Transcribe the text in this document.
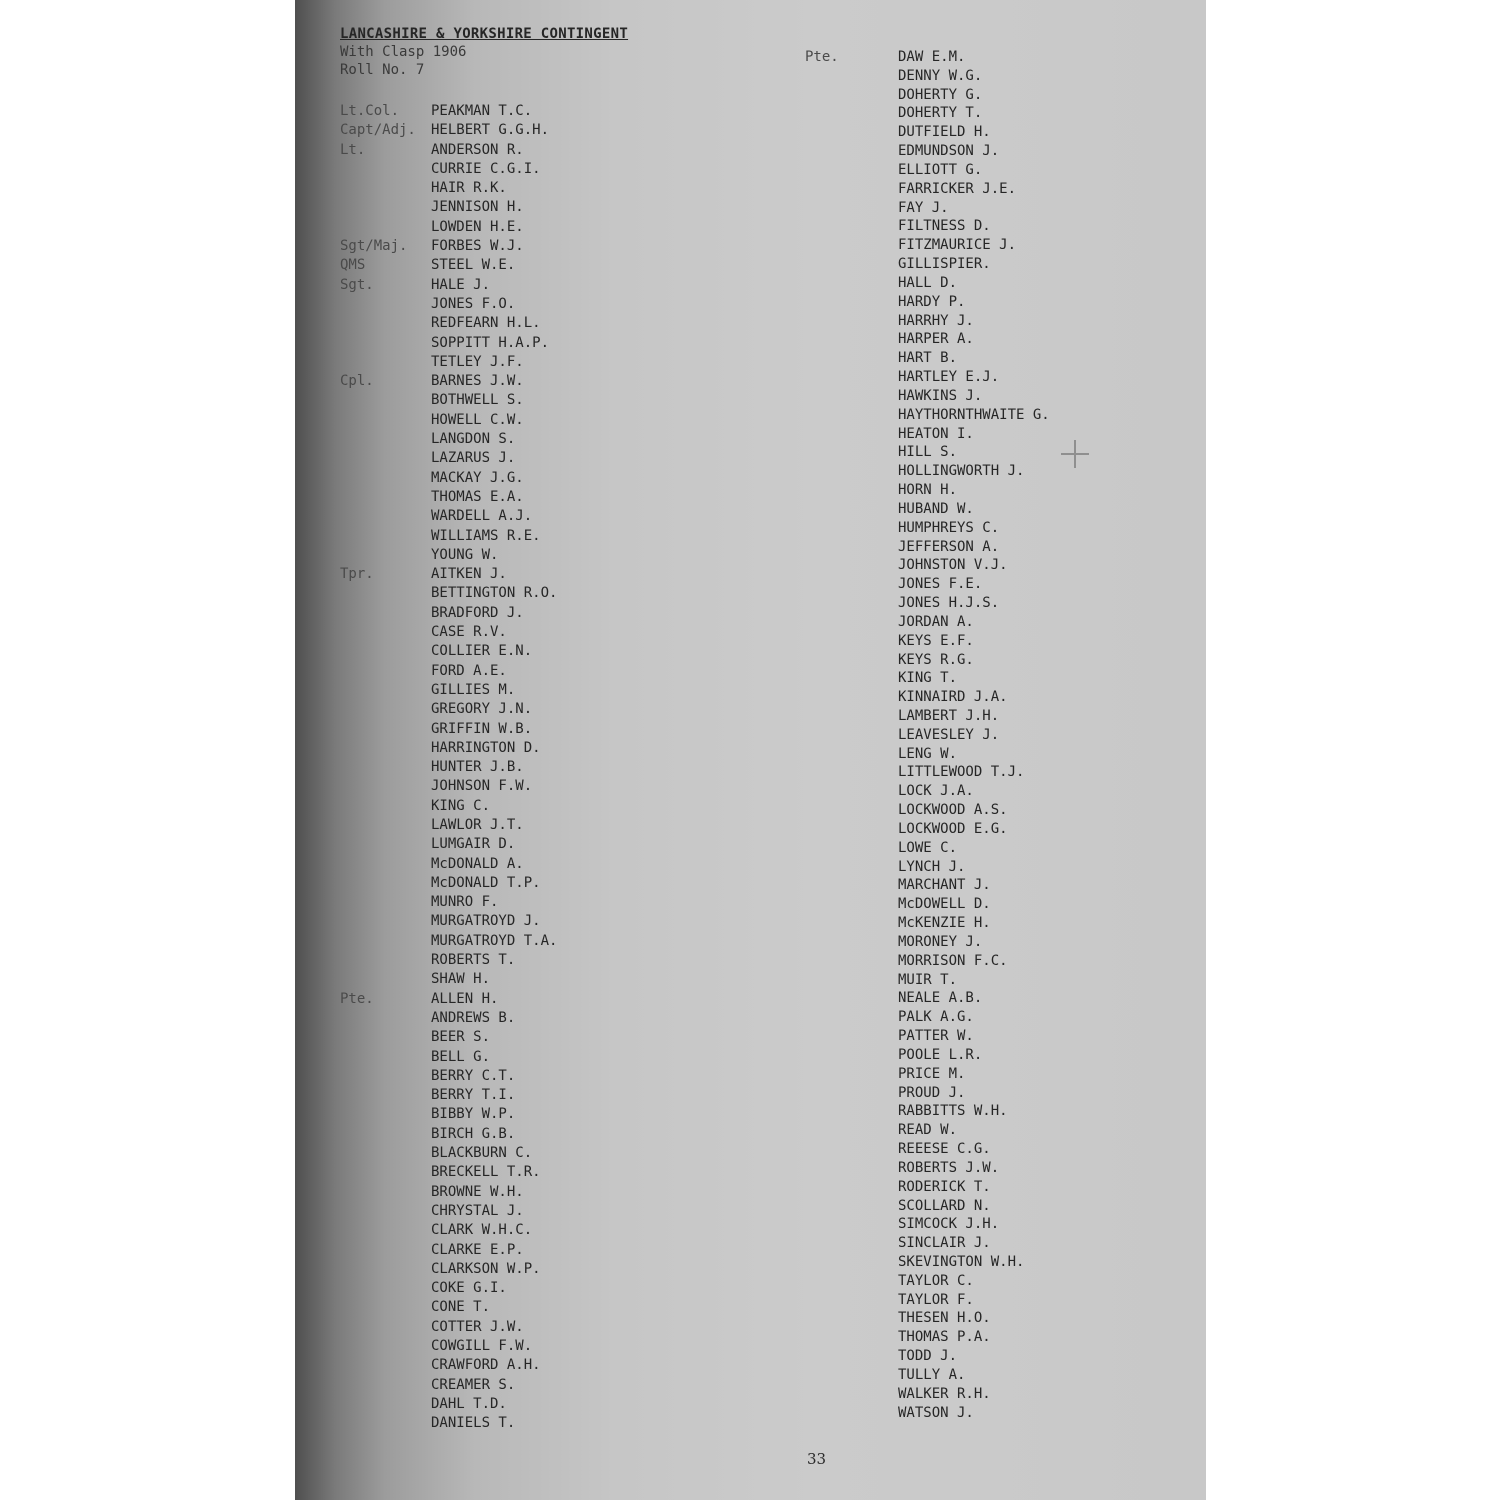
LANCASHIRE & YORKSHIRE CONTINGENT
With Clasp 1906
Roll No. 7
Lt.Col. PEAKMAN T.C.
Capt/Adj. HELBERT G.G.H.
Lt.	ANDERSON R.
CURRIE C.G.I.
HAIR R.K.
JENNISON H.
LOWDEN H.E.
Sgt/Maj. FORBES W.J.
QMS	STEEL W.E.
Sgt.	HALE J.
JONES F.O.
REDFEARN H.L.
SOPPITT H.A.P.
TETLEY J.F.
Cpl.	BARNES J.W.
BOTHWELL S.
HOWELL C.W.
LANGDON S.
LAZARUS J.
MACKAY J.G.
THOMAS E.A.
WARDELL A.J.
WILLIAMS R.E.
YOUNG W.
Tpr.	AITKEN J.
BETTINGTON R.O.
BRADFORD J.
CASE R.V.
COLLIER E.N.
FORD A.E.
GILLIES M.
GREGORY J.N.
GRIFFIN W.B.
HARRINGTON D.
HUNTER J.B.
JOHNSON F.W.
KING C.
LAWLOR J.T.
LUMGAIR D.
McDONALD A.
McDONALD T.P.
MUNRO F.
MURGATROYD J.
MURGATROYD T.A.
ROBERTS T.
SHAW H.
Pte.	ALLEN H.
ANDREWS B.
BEER S.
BELL G.
BERRY C.T.
BERRY T.I.
BIBBY W.P.
BIRCH G.B.
BLACKBURN C.
BRECKELL T.R.
BROWNE W.H.
CHRYSTAL J.
CLARK W.H.C.
CLARKE E.P.
CLARKSON W.P.
COKE G.I.
CONE T.
COTTER J.W.
COWGILL F.W.
CRAWFORD A.H.
CREAMER S.
DAHL T.D.
DANIELS T.
Pte.	DAW E.M.
DENNY W.G.
DOHERTY G.
DOHERTY T.
DUTFIELD H.
EDMUNDSON J.
ELLIOTT G.
FARRICKER J.E.
FAY J.
FILTNESS D.
FITZMAURICE J.
GILLISPIER.
HALL D.
HARDY P.
HARRHY J.
HARPER A.
HART B.
HARTLEY E.J.
HAWKINS J.
HAYTHORNTHWAITE G.
HEATON I.
HILL S.
HOLLINGWORTH J.
HORN H.
HUBAND W.
HUMPHREYS C.
JEFFERSON A.
JOHNSTON V.J.
JONES F.E.
JONES H.J.S.
JORDAN A.
KEYS E.F.
KEYS R.G.
KING T.
KINNAIRD J.A.
LAMBERT J.H.
LEAVESLEY J.
LENG W.
LITTLEWOOD T.J.
LOCK J.A.
LOCKWOOD A.S.
LOCKWOOD E.G.
LOWE C.
LYNCH J.
MARCHANT J.
McDOWELL D.
McKENZIE H.
MORONEY J.
MORRISON F.C.
MUIR T.
NEALE A.B.
PALK A.G.
PATTER W.
POOLE L.R.
PRICE M.
PROUD J.
RABBITTS W.H.
READ W.
REEESE C.G.
ROBERTS J.W.
RODERICK T.
SCOLLARD N.
SIMCOCK J.H.
SINCLAIR J.
SKEVINGTON W.H.
TAYLOR C.
TAYLOR F.
THESEN H.O.
THOMAS P.A.
TODD J.
TULLY A.
WALKER R.H.
WATSON J.
33
